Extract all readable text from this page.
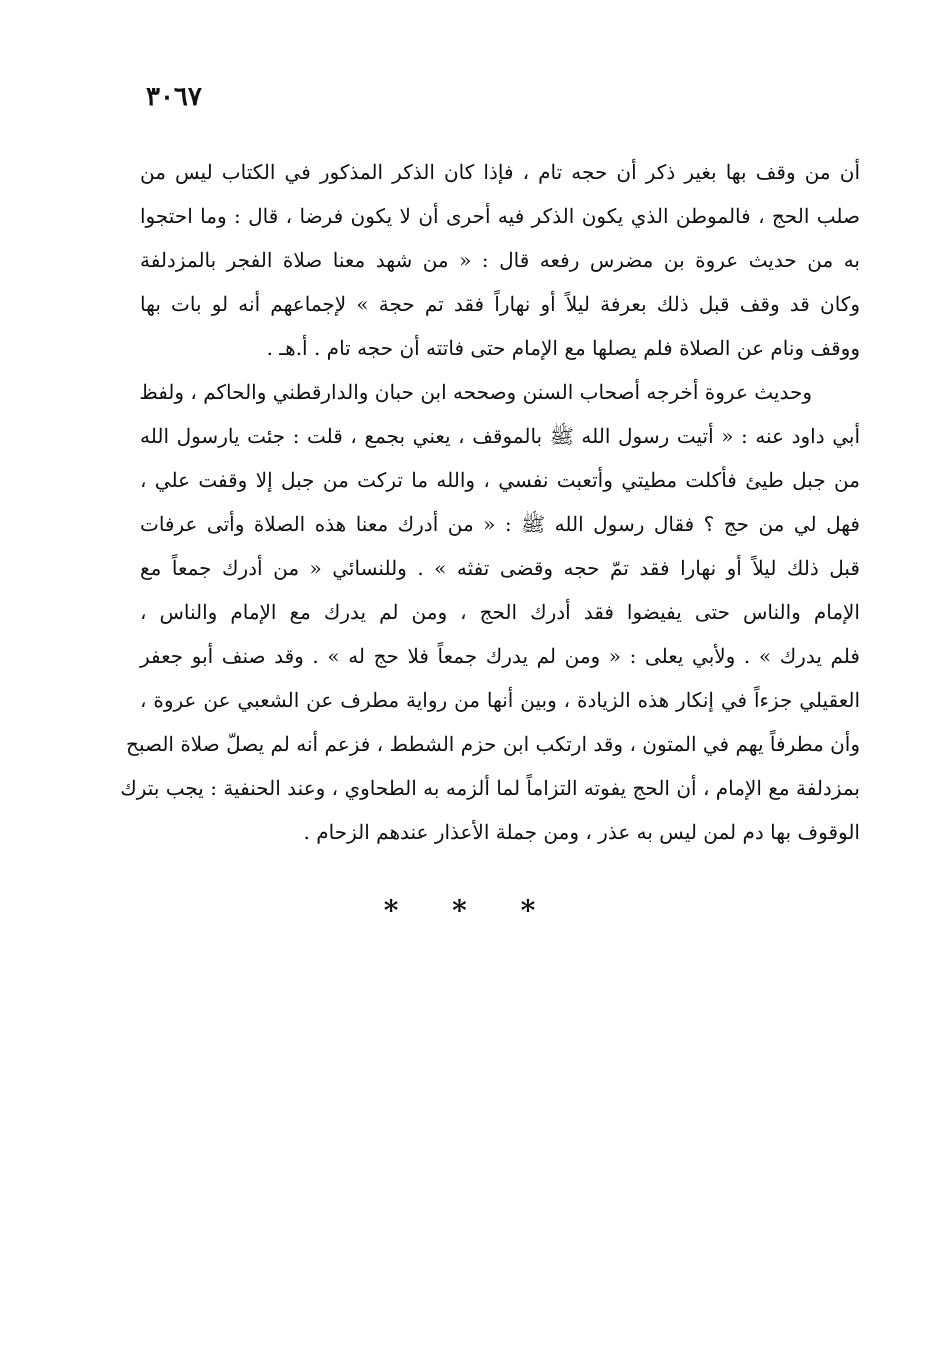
٣٠٦٧
أن من وقف بها بغير ذكر أن حجه تام ، فإذا كان الذكر المذكور في الكتاب ليس من
صلب الحج ، فالموطن الذي يكون الذكر فيه أحرى أن لا يكون فرضا ، قال : وما احتجوا
به من حديث عروة بن مضرس رفعه قال : « من شهد معنا صلاة الفجر بالمزدلفة
وكان قد وقف قبل ذلك بعرفة ليلاً أو نهاراً فقد تم حجة » لإجماعهم أنه لو بات بها
ووقف ونام عن الصلاة فلم يصلها مع الإمام حتى فاتته أن حجه تام . أ.هـ .
وحديث عروة أخرجه أصحاب السنن وصححه ابن حبان والدارقطني والحاكم ، ولفظ
أبي داود عنه : « أتيت رسول الله ﷺ بالموقف ، يعني بجمع ، قلت : جئت يارسول الله
من جبل طيئ فأكلت مطيتي وأتعبت نفسي ، والله ما تركت من جبل إلا وقفت علي ،
فهل لي من حج ؟ فقال رسول الله ﷺ : « من أدرك معنا هذه الصلاة وأتى عرفات
قبل ذلك ليلاً أو نهارا فقد تمّ حجه وقضى تفثه » . وللنسائي « من أدرك جمعاً مع
الإمام والناس حتى يفيضوا فقد أدرك الحج ، ومن لم يدرك مع الإمام والناس ،
فلم يدرك » . ولأبي يعلى : « ومن لم يدرك جمعاً فلا حج له » . وقد صنف أبو جعفر
العقيلي جزءاً في إنكار هذه الزيادة ، وبين أنها من رواية مطرف عن الشعبي عن عروة ،
وأن مطرفاً يهم في المتون ، وقد ارتكب ابن حزم الشطط ، فزعم أنه لم يصلّ صلاة الصبح
بمزدلفة مع الإمام ، أن الحج يفوته التزاماً لما ألزمه به الطحاوي ، وعند الحنفية : يجب بترك
الوقوف بها دم لمن ليس به عذر ، ومن جملة الأعذار عندهم الزحام .
* * *
